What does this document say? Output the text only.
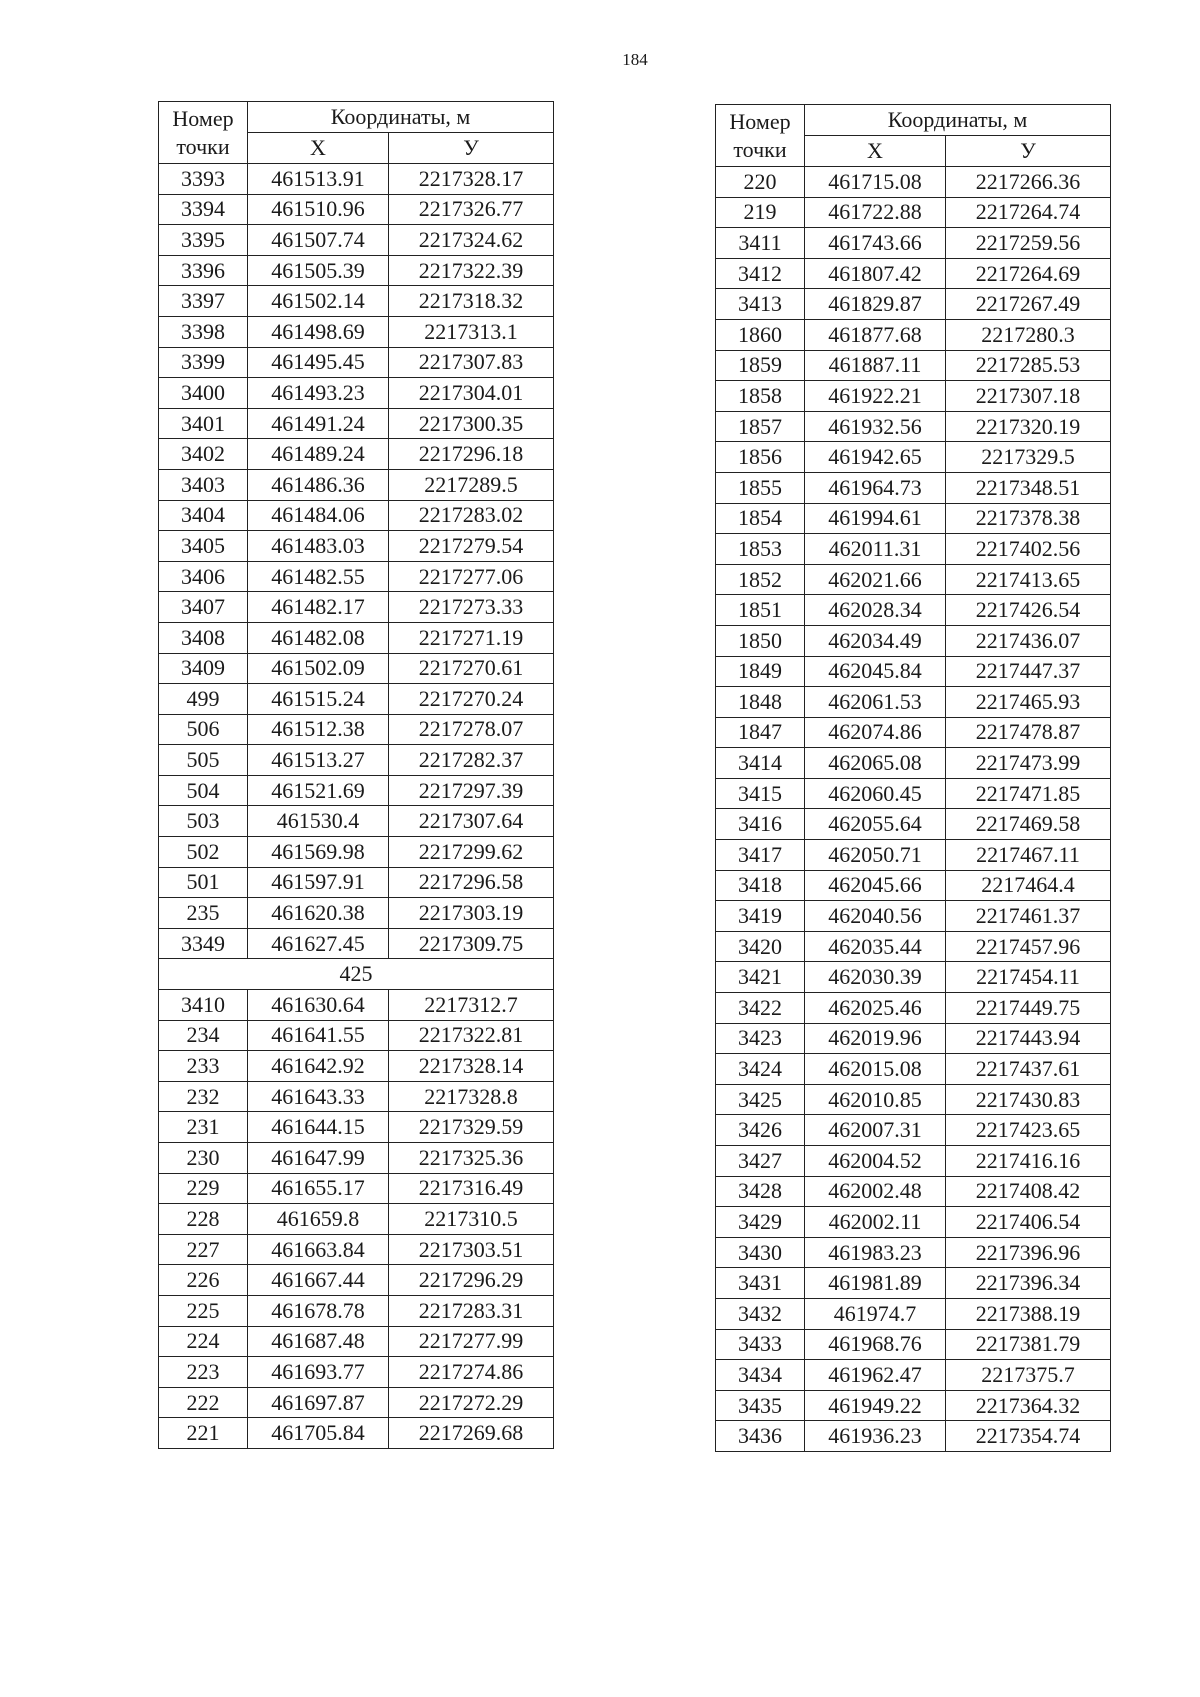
184
Номер
точки	Координаты, м	
	Х	У
3393	461513.91	2217328.17
3394	461510.96	2217326.77
3395	461507.74	2217324.62
3396	461505.39	2217322.39
3397	461502.14	2217318.32
3398	461498.69	2217313.1
3399	461495.45	2217307.83
3400	461493.23	2217304.01
3401	461491.24	2217300.35
3402	461489.24	2217296.18
3403	461486.36	2217289.5
3404	461484.06	2217283.02
3405	461483.03	2217279.54
3406	461482.55	2217277.06
3407	461482.17	2217273.33
3408	461482.08	2217271.19
3409	461502.09	2217270.61
499	461515.24	2217270.24
506	461512.38	2217278.07
505	461513.27	2217282.37
504	461521.69	2217297.39
503	461530.4	2217307.64
502	461569.98	2217299.62
501	461597.91	2217296.58
235	461620.38	2217303.19
3349	461627.45	2217309.75
425		
3410	461630.64	2217312.7
234	461641.55	2217322.81
233	461642.92	2217328.14
232	461643.33	2217328.8
231	461644.15	2217329.59
230	461647.99	2217325.36
229	461655.17	2217316.49
228	461659.8	2217310.5
227	461663.84	2217303.51
226	461667.44	2217296.29
225	461678.78	2217283.31
224	461687.48	2217277.99
223	461693.77	2217274.86
222	461697.87	2217272.29
221	461705.84	2217269.68
Номер
точки	Координаты, м	
	Х	У
220	461715.08	2217266.36
219	461722.88	2217264.74
3411	461743.66	2217259.56
3412	461807.42	2217264.69
3413	461829.87	2217267.49
1860	461877.68	2217280.3
1859	461887.11	2217285.53
1858	461922.21	2217307.18
1857	461932.56	2217320.19
1856	461942.65	2217329.5
1855	461964.73	2217348.51
1854	461994.61	2217378.38
1853	462011.31	2217402.56
1852	462021.66	2217413.65
1851	462028.34	2217426.54
1850	462034.49	2217436.07
1849	462045.84	2217447.37
1848	462061.53	2217465.93
1847	462074.86	2217478.87
3414	462065.08	2217473.99
3415	462060.45	2217471.85
3416	462055.64	2217469.58
3417	462050.71	2217467.11
3418	462045.66	2217464.4
3419	462040.56	2217461.37
3420	462035.44	2217457.96
3421	462030.39	2217454.11
3422	462025.46	2217449.75
3423	462019.96	2217443.94
3424	462015.08	2217437.61
3425	462010.85	2217430.83
3426	462007.31	2217423.65
3427	462004.52	2217416.16
3428	462002.48	2217408.42
3429	462002.11	2217406.54
3430	461983.23	2217396.96
3431	461981.89	2217396.34
3432	461974.7	2217388.19
3433	461968.76	2217381.79
3434	461962.47	2217375.7
3435	461949.22	2217364.32
3436	461936.23	2217354.74
